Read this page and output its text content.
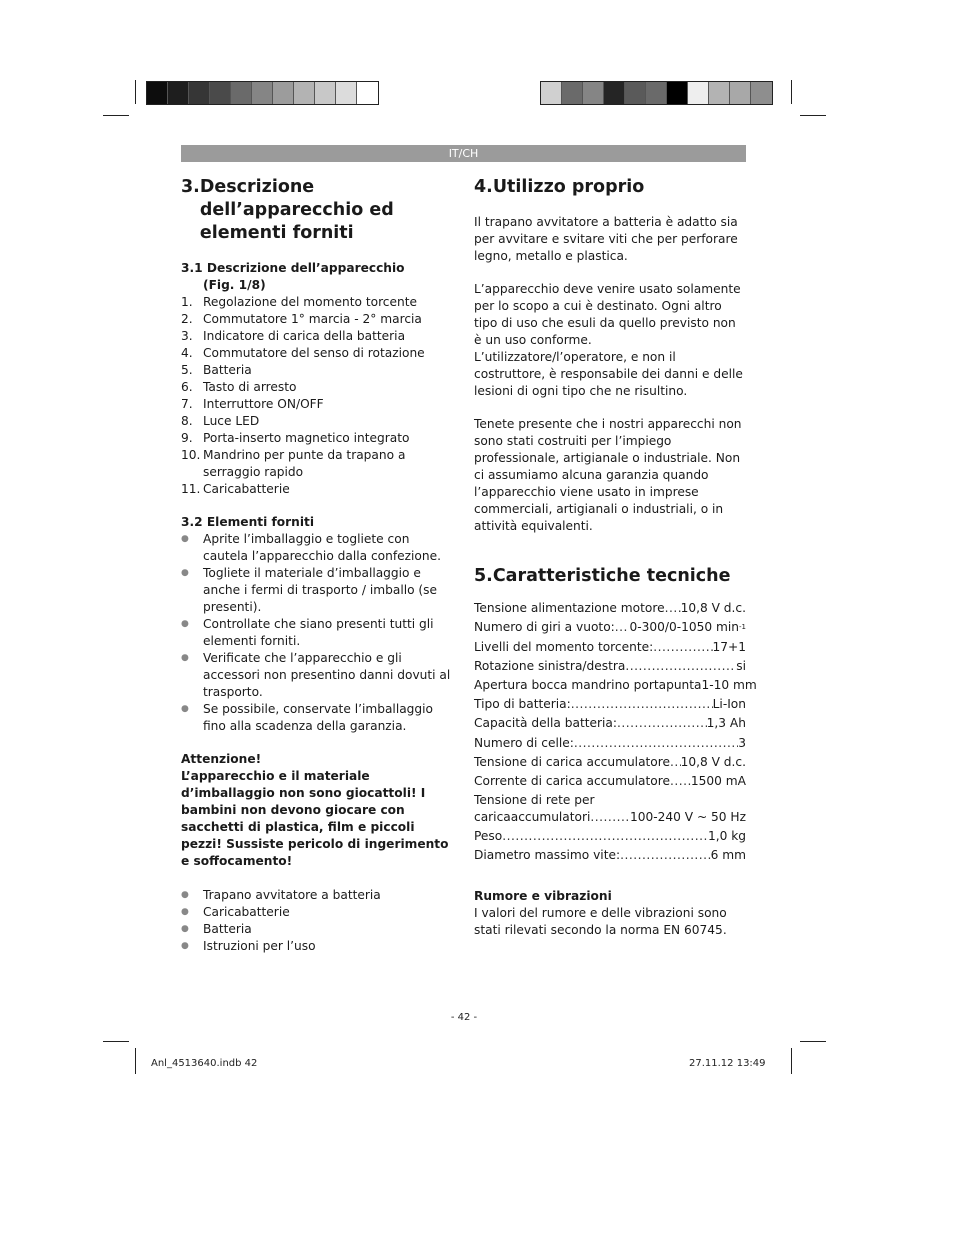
IT/CH
3. Descrizione dell’apparecchio ed elementi forniti
3.1 Descrizione dell’apparecchio
(Fig. 1/8)
1. Regolazione del momento torcente
2. Commutatore 1° marcia - 2° marcia
3. Indicatore di carica della batteria
4. Commutatore del senso di rotazione
5. Batteria
6. Tasto di arresto
7. Interruttore ON/OFF
8. Luce LED
9. Porta-inserto magnetico integrato
10. Mandrino per punte da trapano a serraggio rapido
11. Caricabatterie
3.2 Elementi forniti
●	Aprite l’imballaggio e togliete con cautela l’apparecchio dalla confezione.
●	Togliete il materiale d’imballaggio e anche i fermi di trasporto / imballo (se presenti).
●	Controllate che siano presenti tutti gli elementi forniti.
●	Verificate che l’apparecchio e gli accessori non presentino danni dovuti al trasporto.
●	Se possibile, conservate l’imballaggio fino alla scadenza della garanzia.

Attenzione!

L’apparecchio e il materiale d’imballaggio non sono giocattoli! I bambini non devono giocare con sacchetti di plastica, film e piccoli pezzi! Sussiste pericolo di ingerimento e soffocamento!

●	Trapano avvitatore a batteria
●	Caricabatterie
●	Batteria
●	Istruzioni per l’uso
4. Utilizzo proprio

Il trapano avvitatore a batteria è adatto sia per avvitare e svitare viti che per perforare legno, metallo e plastica.

L’apparecchio deve venire usato solamente per lo scopo a cui è destinato. Ogni altro tipo di uso che esuli da quello previsto non è un uso conforme. L’utilizzatore/l’operatore, e non il costruttore, è responsabile dei danni e delle lesioni di ogni tipo che ne risultino.

Tenete presente che i nostri apparecchi non sono stati costruiti per l’impiego professionale, artigianale o industriale. Non ci assumiamo alcuna garanzia quando l’apparecchio viene usato in imprese commerciali, artigianali o industriali, o in attività equivalenti.

5. Caratteristiche tecniche
Tensione alimentazione motore ..... 10,8 V d.c.
Numero di giri a vuoto: ..... 0-300/0-1050 min -1
Livelli del momento torcente: .....	17+1
Rotazione sinistra/destra .....	si
Apertura bocca mandrino portapunta 1-10 mm
Tipo di batteria: .....	Li-Ion
Capacità della batteria: .....	1,3 Ah
Numero di celle: .....	3
Tensione di carica accumulatore ..... 10,8 V d.c.
Corrente di carica accumulatore ..... 1500 mA
Tensione di rete per
caricaaccumulatori .....	100-240 V ~ 50 Hz
Peso .....	1,0 kg
Diametro massimo vite: .....	6 mm

Rumore e vibrazioni

I valori del rumore e delle vibrazioni sono stati rilevati secondo la norma EN 60745.

- 42 -
Anl_4513640.indb 42	27.11.12 13:49
